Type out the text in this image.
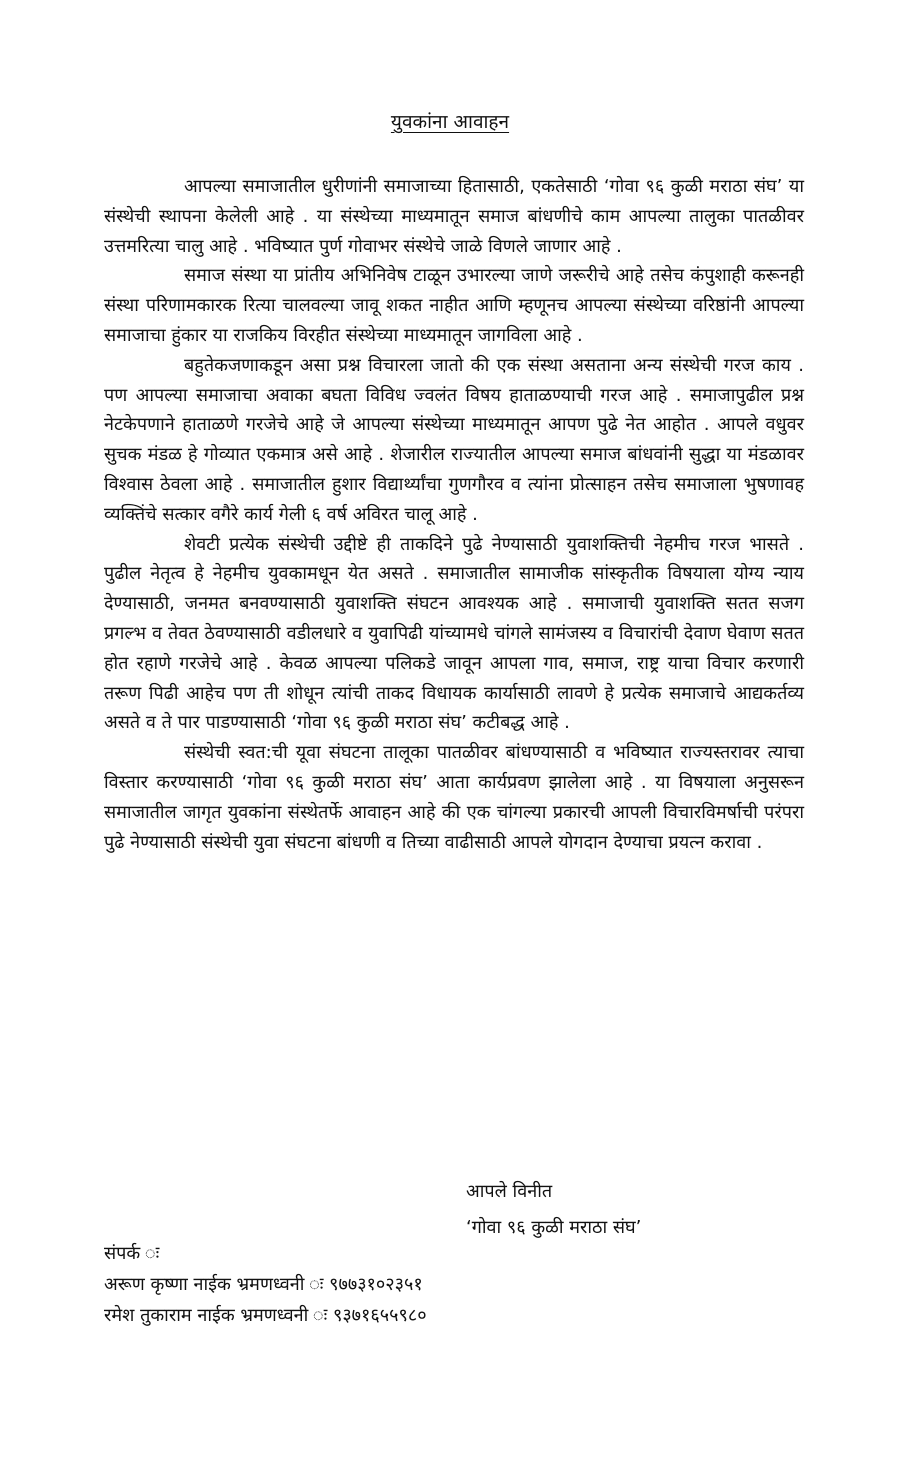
युवकांना आवाहन

आपल्या समाजातील धुरीणांनी समाजाच्या हितासाठी, एकतेसाठी ‘गोवा ९६ कुळी मराठा संघ’ या संस्थेची स्थापना केलेली आहे . या संस्थेच्या माध्यमातून समाज बांधणीचे काम आपल्या तालुका पातळीवर उत्तमरित्या चालु आहे . भविष्यात पुर्ण गोवाभर संस्थेचे जाळे विणले जाणार आहे .

समाज संस्था या प्रांतीय अभिनिवेष टाळून उभारल्या जाणे जरूरीचे आहे तसेच कंपुशाही करूनही संस्था परिणामकारक रित्या चालवल्या जावू शकत नाहीत आणि म्हणूनच आपल्या संस्थेच्या वरिष्ठांनी आपल्या समाजाचा हुंकार या राजकिय विरहीत संस्थेच्या माध्यमातून जागविला आहे .

बहुतेकजणाकडून असा प्रश्न विचारला जातो की एक संस्था असताना अन्य संस्थेची गरज काय . पण आपल्या समाजाचा अवाका बघता विविध ज्वलंत विषय हाताळण्याची गरज आहे . समाजापुढील प्रश्न नेटकेपणाने हाताळणे गरजेचे आहे जे आपल्या संस्थेच्या माध्यमातून आपण पुढे नेत आहोत . आपले वधुवर सुचक मंडळ हे गोव्यात एकमात्र असे आहे . शेजारील राज्यातील आपल्या समाज बांधवांनी सुद्धा या मंडळावर विश्वास ठेवला आहे . समाजातील हुशार विद्यार्थ्यांचा गुणगौरव व त्यांना प्रोत्साहन तसेच समाजाला भुषणावह व्यक्तिंचे सत्कार वगैरे कार्य गेली ६ वर्ष अविरत चालू आहे .

शेवटी प्रत्येक संस्थेची उद्दीष्टे ही ताकदिने पुढे नेण्यासाठी युवाशक्तिची नेहमीच गरज भासते . पुढील नेतृत्व हे नेहमीच युवकामधून येत असते . समाजातील सामाजीक सांस्कृतीक विषयाला योग्य न्याय देण्यासाठी, जनमत बनवण्यासाठी युवाशक्ति संघटन आवश्यक आहे . समाजाची युवाशक्ति सतत सजग प्रगल्भ व तेवत ठेवण्यासाठी वडीलधारे व युवापिढी यांच्यामधे चांगले सामंजस्य व विचारांची देवाण घेवाण सतत होत रहाणे गरजेचे आहे . केवळ आपल्या पलिकडे जावून आपला गाव, समाज, राष्ट्र याचा विचार करणारी तरूण पिढी आहेच पण ती शोधून त्यांची ताकद विधायक कार्यासाठी लावणे हे प्रत्येक समाजाचे आद्यकर्तव्य असते व ते पार पाडण्यासाठी ‘गोवा ९६ कुळी मराठा संघ’ कटीबद्ध आहे .

संस्थेची स्वत:ची यूवा संघटना तालूका पातळीवर बांधण्यासाठी व भविष्यात राज्यस्तरावर त्याचा विस्तार करण्यासाठी ‘गोवा ९६ कुळी मराठा संघ’ आता कार्यप्रवण झालेला आहे . या विषयाला अनुसरून समाजातील जागृत युवकांना संस्थेतर्फे आवाहन आहे की एक चांगल्या प्रकारची आपली विचारविमर्षाची परंपरा पुढे नेण्यासाठी संस्थेची युवा संघटना बांधणी व तिच्या वाढीसाठी आपले योगदान देण्याचा प्रयत्न करावा .

आपले विनीत
‘गोवा ९६ कुळी मराठा संघ’
संपर्क ः
अरूण कृष्णा नाईक भ्रमणध्वनी ः ९७७३१०२३५१
रमेश तुकाराम नाईक भ्रमणध्वनी ः ९३७१६५५९८०
